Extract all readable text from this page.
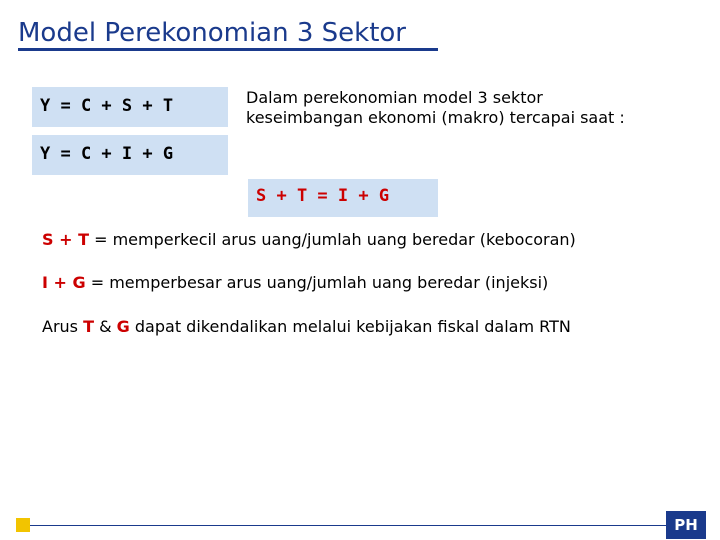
Model Perekonomian 3 Sektor
Y = C + S + T
Y = C + I + G
Dalam perekonomian model 3 sektor
keseimbangan ekonomi (makro) tercapai saat :
S + T = I + G
S + T = memperkecil arus uang/jumlah uang beredar (kebocoran)
I + G = memperbesar arus uang/jumlah uang beredar (injeksi)
Arus T & G dapat dikendalikan melalui kebijakan fiskal dalam RTN
PH
